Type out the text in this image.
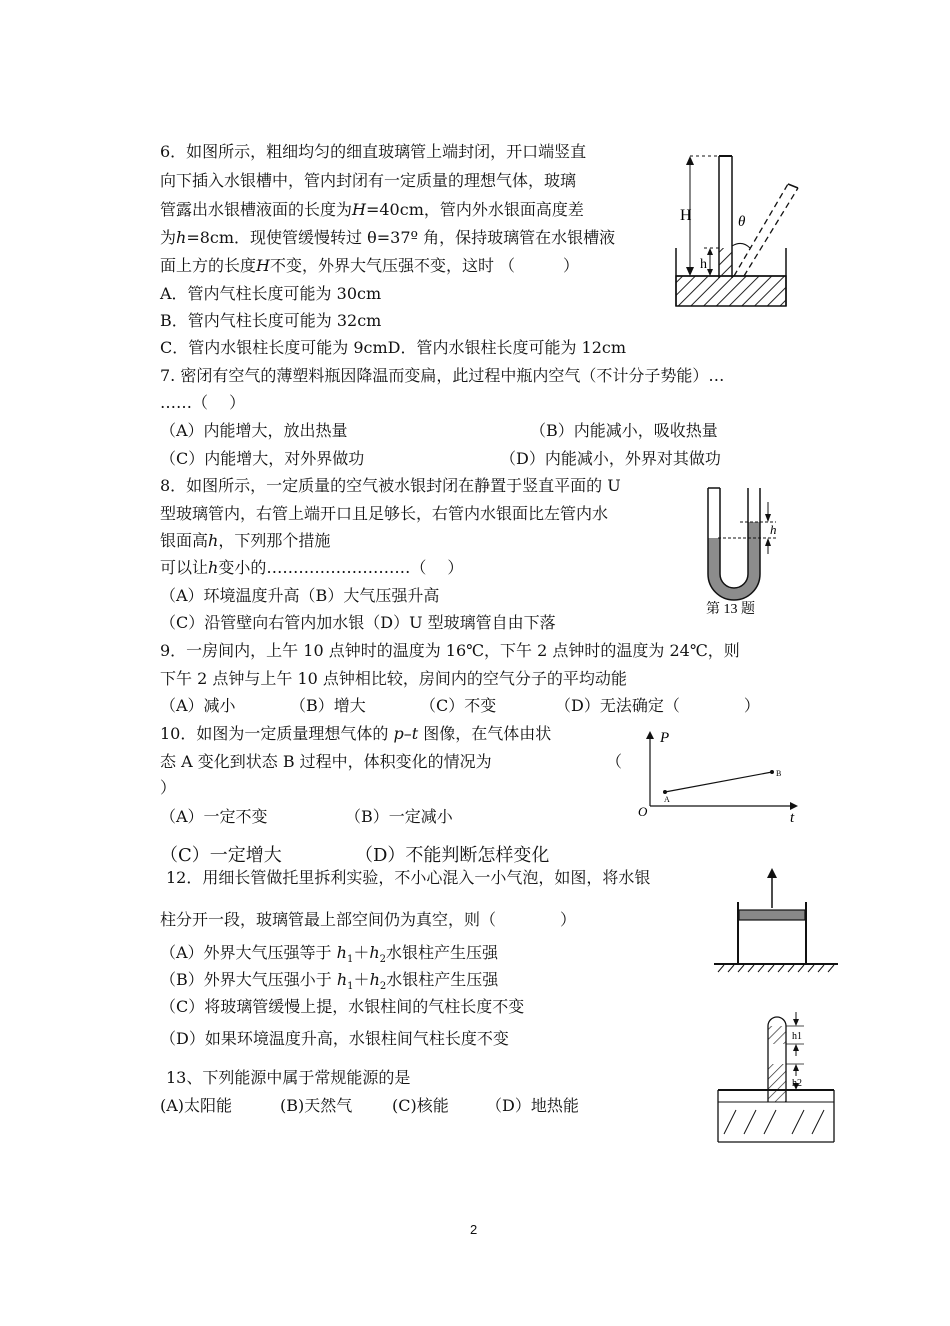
6．如图所示，粗细均匀的细直玻璃管上端封闭，开口端竖直
向下插入水银槽中，管内封闭有一定质量的理想气体，玻璃
管露出水银槽液面的长度为H=40cm，管内外水银面高度差
为h=8cm．现使管缓慢转过 θ=37º 角，保持玻璃管在水银槽液
面上方的长度H不变，外界大气压强不变，这时 （　　　）
A．管内气柱长度可能为 30cm
B．管内气柱长度可能为 32cm
C．管内水银柱长度可能为 9cmD．管内水银柱长度可能为 12cm
H
h
θ
7. 密闭有空气的薄塑料瓶因降温而变扁，此过程中瓶内空气（不计分子势能）…
……（　 ）
（A）内能增大，放出热量	（B）内能减小，吸收热量
（C）内能增大，对外界做功	（D）内能减小，外界对其做功
8．如图所示，一定质量的空气被水银封闭在静置于竖直平面的 U
型玻璃管内，右管上端开口且足够长，右管内水银面比左管内水
银面高h，下列那个措施
可以让h变小的………………………（　 ）
（A）环境温度升高（B）大气压强升高
（C）沿管壁向右管内加水银（D）U 型玻璃管自由下落
h
第 13 题
9．一房间内，上午 10 点钟时的温度为 16℃，下午 2 点钟时的温度为 24℃，则
下午 2 点钟与上午 10 点钟相比较，房间内的空气分子的平均动能
（A）减小	（B）增大	（C）不变	（D）无法确定（　　　　）
10．如图为一定质量理想气体的 p–t 图像，在气体由状
态 A 变化到状态 B 过程中，体积变化的情况为	（
）
（A）一定不变	（B）一定减小
（C）一定增大	（D）不能判断怎样变化
P
t
O
A
B
12．用细长管做托里拆利实验，不小心混入一小气泡，如图，将水银
柱分开一段，玻璃管最上部空间仍为真空，则（　　　　）
（A）外界大气压强等于 $h_1+h_2$水银柱产生压强
（B）外界大气压强小于 $h_1+h_2$水银柱产生压强
（C）将玻璃管缓慢上提，水银柱间的气柱长度不变
（D）如果环境温度升高，水银柱间气柱长度不变	h1
h2
13、下列能源中属于常规能源的是
(A)太阳能	(B)天然气 (C)核能 （D）地热能
2
